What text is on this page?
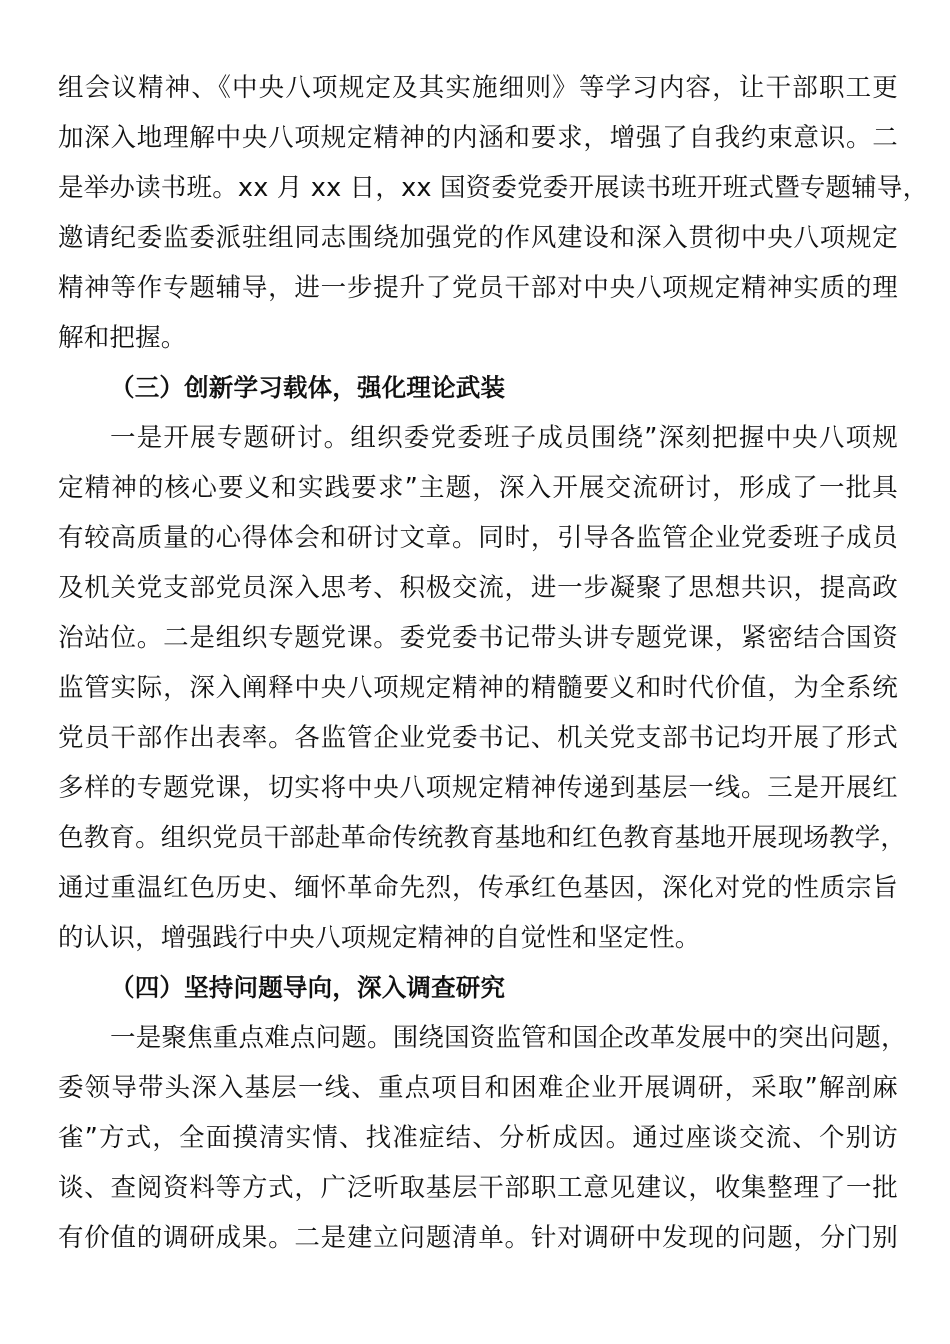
组会议精神、《中央八项规定及其实施细则》等学习内容，让干部职工更
加深入地理解中央八项规定精神的内涵和要求，增强了自我约束意识。二
是举办读书班。xx 月 xx 日，xx 国资委党委开展读书班开班式暨专题辅导，
邀请纪委监委派驻组同志围绕加强党的作风建设和深入贯彻中央八项规定
精神等作专题辅导，进一步提升了党员干部对中央八项规定精神实质的理
解和把握。
（三）创新学习载体，强化理论武装
一是开展专题研讨。组织委党委班子成员围绕”深刻把握中央八项规
定精神的核心要义和实践要求”主题，深入开展交流研讨，形成了一批具
有较高质量的心得体会和研讨文章。同时，引导各监管企业党委班子成员
及机关党支部党员深入思考、积极交流，进一步凝聚了思想共识，提高政
治站位。二是组织专题党课。委党委书记带头讲专题党课，紧密结合国资
监管实际，深入阐释中央八项规定精神的精髓要义和时代价值，为全系统
党员干部作出表率。各监管企业党委书记、机关党支部书记均开展了形式
多样的专题党课，切实将中央八项规定精神传递到基层一线。三是开展红
色教育。组织党员干部赴革命传统教育基地和红色教育基地开展现场教学，
通过重温红色历史、缅怀革命先烈，传承红色基因，深化对党的性质宗旨
的认识，增强践行中央八项规定精神的自觉性和坚定性。
（四）坚持问题导向，深入调查研究
一是聚焦重点难点问题。围绕国资监管和国企改革发展中的突出问题，
委领导带头深入基层一线、重点项目和困难企业开展调研，采取”解剖麻
雀”方式，全面摸清实情、找准症结、分析成因。通过座谈交流、个别访
谈、查阅资料等方式，广泛听取基层干部职工意见建议，收集整理了一批
有价值的调研成果。二是建立问题清单。针对调研中发现的问题，分门别
